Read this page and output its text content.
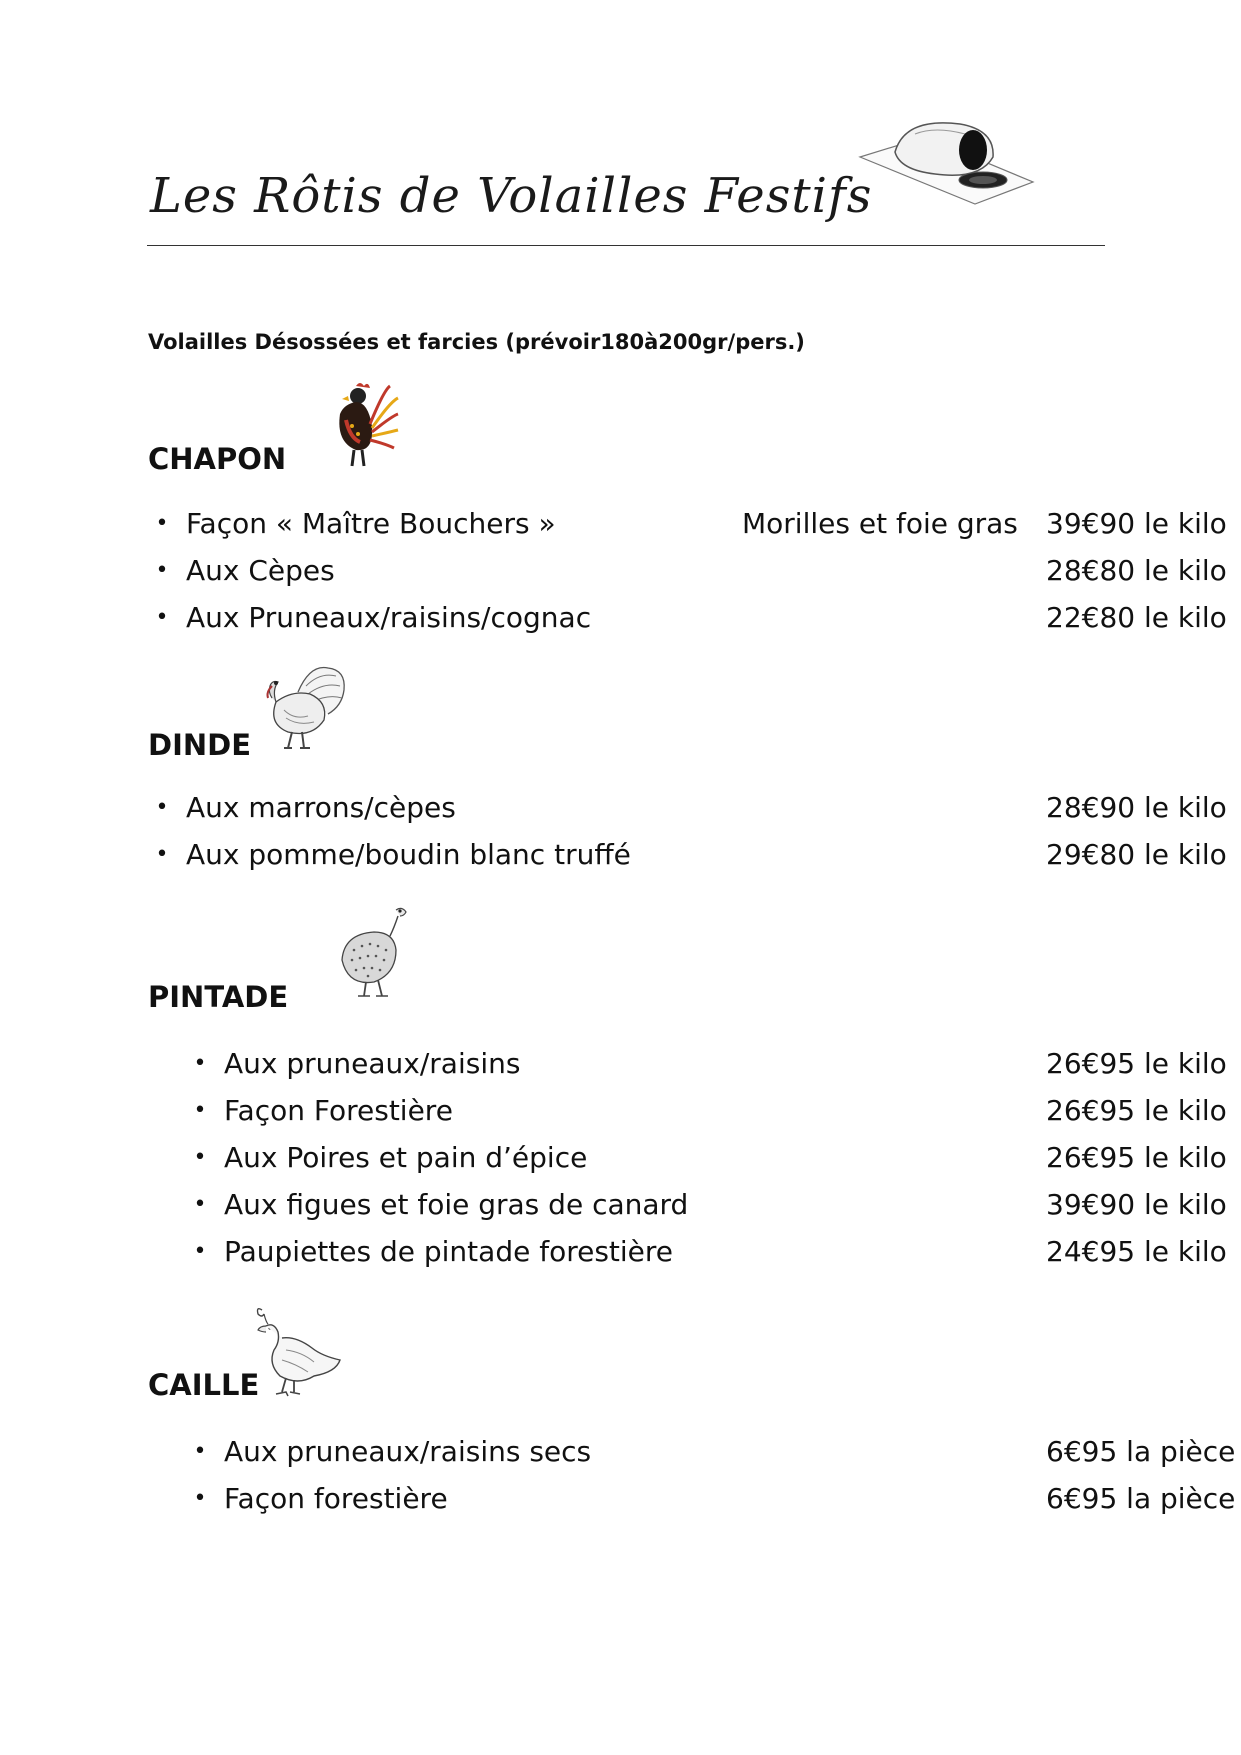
Les Rôtis de Volailles Festifs
Volailles Désossées et farcies (prévoir180à200gr/pers.)
CHAPON
• Façon « Maître Bouchers »	Morilles et foie gras 39€90 le kilo
• Aux Cèpes	28€80 le kilo
• Aux Pruneaux/raisins/cognac	22€80 le kilo
DINDE
• Aux marrons/cèpes	28€90 le kilo
• Aux pomme/boudin blanc truffé	29€80 le kilo
PINTADE
• Aux pruneaux/raisins	26€95 le kilo
• Façon Forestière	26€95 le kilo
• Aux Poires et pain d’épice	26€95 le kilo
• Aux figues et foie gras de canard	39€90 le kilo
• Paupiettes de pintade forestière	24€95 le kilo
CAILLE
• Aux pruneaux/raisins secs	6€95 la pièce
• Façon forestière	6€95 la pièce
